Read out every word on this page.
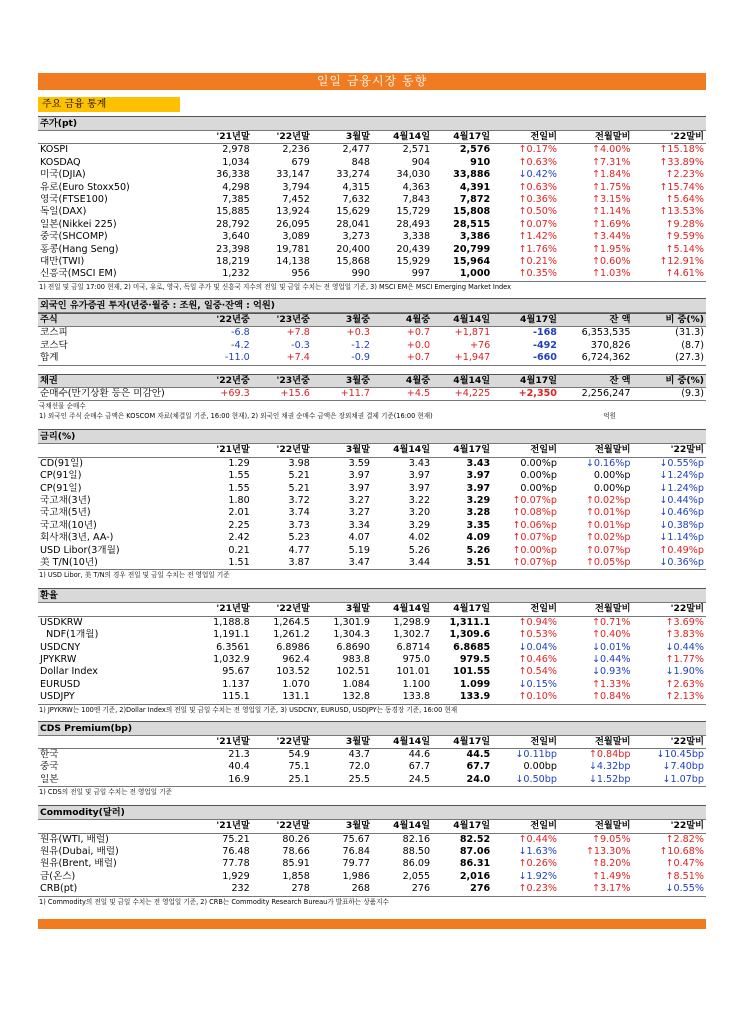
일일 금융시장 동향
주요 금융 통계
주가(pt)
	'21년말	'22년말	3월말	4월14일	4월17일	전일비	전월말비	'22말비
KOSPI	2,978	2,236	2,477	2,571	2,576	↑0.17%	↑4.00%	↑15.18%
KOSDAQ	1,034	679	848	904	910	↑0.63%	↑7.31%	↑33.89%
미국(DJIA)	36,338	33,147	33,274	34,030	33,886	↓0.42%	↑1.84%	↑2.23%
유로(Euro Stoxx50)	4,298	3,794	4,315	4,363	4,391	↑0.63%	↑1.75%	↑15.74%
영국(FTSE100)	7,385	7,452	7,632	7,843	7,872	↑0.36%	↑3.15%	↑5.64%
독일(DAX)	15,885	13,924	15,629	15,729	15,808	↑0.50%	↑1.14%	↑13.53%
일본(Nikkei 225)	28,792	26,095	28,041	28,493	28,515	↑0.07%	↑1.69%	↑9.28%
중국(SHCOMP)	3,640	3,089	3,273	3,338	3,386	↑1.42%	↑3.44%	↑9.59%
홍콩(Hang Seng)	23,398	19,781	20,400	20,439	20,799	↑1.76%	↑1.95%	↑5.14%
대만(TWI)	18,219	14,138	15,868	15,929	15,964	↑0.21%	↑0.60%	↑12.91%
신흥국(MSCI EM)	1,232	956	990	997	1,000	↑0.35%	↑1.03%	↑4.61%
1) 전일 및 금일 17:00 현재, 2) 미국, 유로, 영국, 독일 주가 및 신흥국 지수의 전일 및 금일 수치는 전 영업일 기준, 3) MSCI EM은 MSCI Emerging Market Index
외국인 유가증권 투자(년중·월중 : 조원, 일중·잔액 : 억원)
주식	'22년중	'23년중	3월중	4월중	4월14일	4월17일	잔 액	비 중(%)
코스피	-6.8	+7.8	+0.3	+0.7	+1,871	-168	6,353,535	(31.3)
코스닥	-4.2	-0.3	-1.2	+0.0	+76	-492	370,826	(8.7)
합계	-11.0	+7.4	-0.9	+0.7	+1,947	-660	6,724,362	(27.3)
채권	'22년중	'23년중	3월중	4월중	4월14일	4월17일	잔 액	비 중(%)
순매수(만기상환 등은 미감안)	+69.3	+15.6	+11.7	+4.5	+4,225	+2,350	2,256,247	(9.3)
국채선물 순매수
1) 외국인 주식 순매수 금액은 KOSCOM 자료(체결일 기준, 16:00 현재), 2) 외국인 채권 순매수 금액은 장외채권 결제 기준(16:00 현재)	억원
금리(%)
	'21년말	'22년말	3월말	4월14일	4월17일	전일비	전월말비	'22말비
CD(91일)	1.29	3.98	3.59	3.43	3.43	0.00%p	↓0.16%p	↓0.55%p
CP(91일)	1.55	5.21	3.97	3.97	3.97	0.00%p	0.00%p	↓1.24%p
CP(91일)	1.55	5.21	3.97	3.97	3.97	0.00%p	0.00%p	↓1.24%p
국고채(3년)	1.80	3.72	3.27	3.22	3.29	↑0.07%p	↑0.02%p	↓0.44%p
국고채(5년)	2.01	3.74	3.27	3.20	3.28	↑0.08%p	↑0.01%p	↓0.46%p
국고채(10년)	2.25	3.73	3.34	3.29	3.35	↑0.06%p	↑0.01%p	↓0.38%p
회사채(3년, AA-)	2.42	5.23	4.07	4.02	4.09	↑0.07%p	↑0.02%p	↓1.14%p
USD Libor(3개월)	0.21	4.77	5.19	5.26	5.26	↑0.00%p	↑0.07%p	↑0.49%p
美 T/N(10년)	1.51	3.87	3.47	3.44	3.51	↑0.07%p	↑0.05%p	↓0.36%p
1) USD Libor, 美 T/N의 경우 전일 및 금일 수치는 전 영업일 기준
환율
	'21년말	'22년말	3월말	4월14일	4월17일	전일비	전월말비	'22말비
USDKRW	1,188.8	1,264.5	1,301.9	1,298.9	1,311.1	↑0.94%	↑0.71%	↑3.69%
NDF(1개월)	1,191.1	1,261.2	1,304.3	1,302.7	1,309.6	↑0.53%	↑0.40%	↑3.83%
USDCNY	6.3561	6.8986	6.8690	6.8714	6.8685	↓0.04%	↓0.01%	↓0.44%
JPYKRW	1,032.9	962.4	983.8	975.0	979.5	↑0.46%	↓0.44%	↑1.77%
Dollar Index	95.67	103.52	102.51	101.01	101.55	↑0.54%	↓0.93%	↓1.90%
EURUSD	1.137	1.070	1.084	1.100	1.099	↓0.15%	↑1.33%	↑2.63%
USDJPY	115.1	131.1	132.8	133.8	133.9	↑0.10%	↑0.84%	↑2.13%
1) JPYKRW는 100엔 기준, 2)Dollar Index의 전일 및 금일 수치는 전 영업일 기준, 3) USDCNY, EURUSD, USDJPY는 동경장 기준, 16:00 현재
CDS Premium(bp)
	'21년말	'22년말	3월말	4월14일	4월17일	전일비	전월말비	'22말비
한국	21.3	54.9	43.7	44.6	44.5	↓0.11bp	↑0.84bp	↓10.45bp
중국	40.4	75.1	72.0	67.7	67.7	0.00bp	↓4.32bp	↓7.40bp
일본	16.9	25.1	25.5	24.5	24.0	↓0.50bp	↓1.52bp	↓1.07bp
1) CDS의 전일 및 금일 수치는 전 영업일 기준
Commodity(달러)
	'21년말	'22년말	3월말	4월14일	4월17일	전일비	전월말비	'22말비
원유(WTI, 배럴)	75.21	80.26	75.67	82.16	82.52	↑0.44%	↑9.05%	↑2.82%
원유(Dubai, 배럴)	76.48	78.66	76.84	88.50	87.06	↓1.63%	↑13.30%	↑10.68%
원유(Brent, 배럴)	77.78	85.91	79.77	86.09	86.31	↑0.26%	↑8.20%	↑0.47%
금(온스)	1,929	1,858	1,986	2,055	2,016	↓1.92%	↑1.49%	↑8.51%
CRB(pt)	232	278	268	276	276	↑0.23%	↑3.17%	↓0.55%
1) Commodity의 전일 및 금일 수치는 전 영업일 기준, 2) CRB는 Commodity Research Bureau가 발표하는 상품지수
